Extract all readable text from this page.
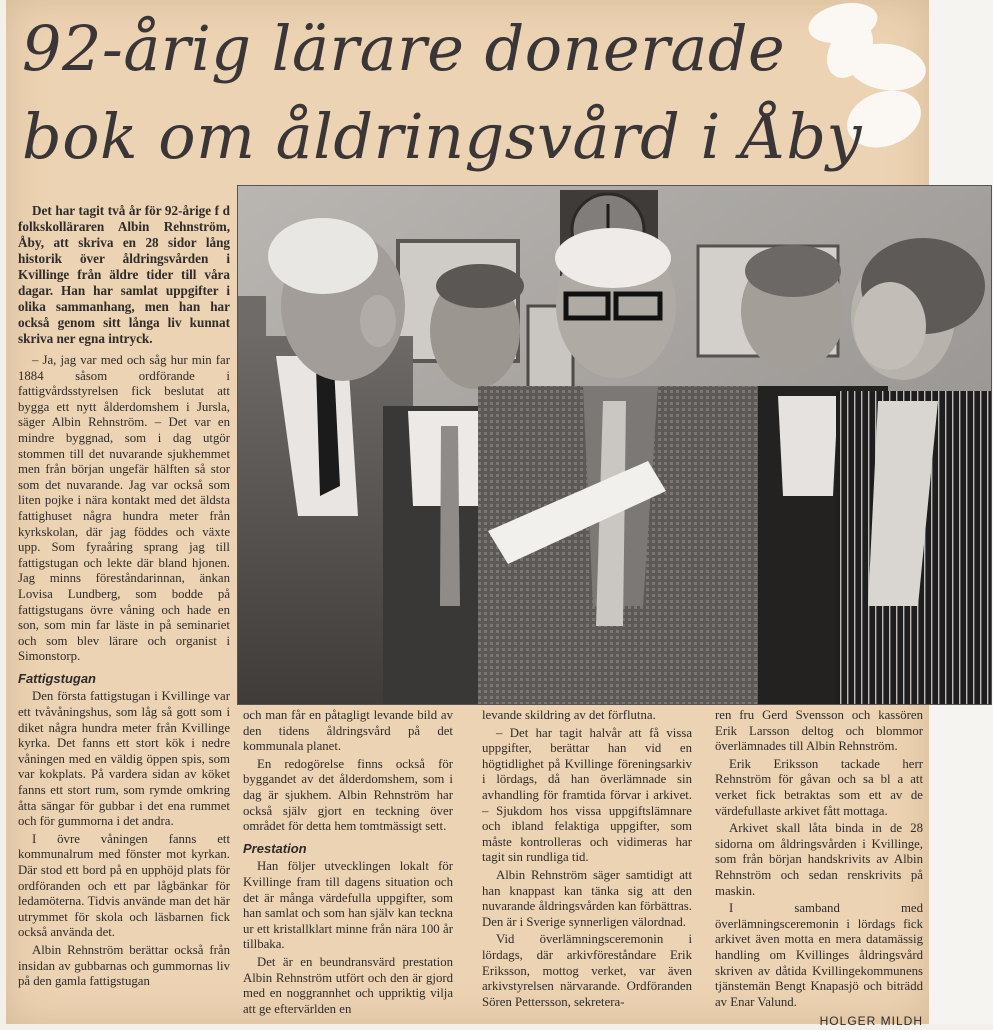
92-årig lärare donerade
bok om åldringsvård i Åby

Det har tagit två år för 92-årige f d folkskolläraren Albin Rehnström, Åby, att skriva en 28 sidor lång historik över åldringsvården i Kvillinge från äldre tider till våra dagar. Han har samlat uppgifter i olika sammanhang, men han har också genom sitt långa liv kunnat skriva ner egna intryck.

– Ja, jag var med och såg hur min far 1884 såsom ordförande i fattigvårdsstyrelsen fick beslutat att bygga ett nytt ålderdomshem i Jursla, säger Albin Rehnström. – Det var en mindre byggnad, som i dag utgör stommen till det nuvarande sjukhemmet men från början ungefär hälften så stor som det nuvarande. Jag var också som liten pojke i nära kontakt med det äldsta fattighuset några hundra meter från kyrkskolan, där jag föddes och växte upp. Som fyraåring sprang jag till fattigstugan och lekte där bland hjonen. Jag minns föreståndarinnan, änkan Lovisa Lundberg, som bodde på fattigstugans övre våning och hade en son, som min far läste in på seminariet och som blev lärare och organist i Simonstorp.

Fattigstugan

Den första fattigstugan i Kvillinge var ett tvåvåningshus, som låg så gott som i diket några hundra meter från Kvillinge kyrka. Det fanns ett stort kök i nedre våningen med en väldig öppen spis, som var kokplats. På vardera sidan av köket fanns ett stort rum, som rymde omkring åtta sängar för gubbar i det ena rummet och för gummorna i det andra.

I övre våningen fanns ett kommunalrum med fönster mot kyrkan. Där stod ett bord på en upphöjd plats för ordföranden och ett par lågbänkar för ledamöterna. Tidvis använde man det här utrymmet för skola och läsbarnen fick också använda det.

Albin Rehnström berättar också från insidan av gubbarnas och gummornas liv på den gamla fattigstugan

och man får en påtagligt levande bild av den tidens åldringsvård på det kommunala planet.

En redogörelse finns också för byggandet av det ålderdomshem, som i dag är sjukhem. Albin Rehnström har också själv gjort en teckning över området för detta hem tomtmässigt sett.

Prestation

Han följer utvecklingen lokalt för Kvillinge fram till dagens situation och det är många värdefulla uppgifter, som han samlat och som han själv kan teckna ur ett kristallklart minne från nära 100 år tillbaka.

Det är en beundransvärd prestation Albin Rehnström utfört och den är gjord med en noggrannhet och uppriktig vilja att ge eftervärlden en

levande skildring av det förflutna.

– Det har tagit halvår att få vissa uppgifter, berättar han vid en högtidlighet på Kvillinge föreningsarkiv i lördags, då han överlämnade sin avhandling för framtida förvar i arkivet. – Sjukdom hos vissa uppgiftslämnare och ibland felaktiga uppgifter, som måste kontrolleras och vidimeras har tagit sin rundliga tid.

Albin Rehnström säger samtidigt att han knappast kan tänka sig att den nuvarande åldringsvården kan förbättras. Den är i Sverige synnerligen välordnad.

Vid överlämningsceremonin i lördags, där arkivföreståndare Erik Eriksson, mottog verket, var även arkivstyrelsen närvarande. Ordföranden Sören Pettersson, sekretera-

ren fru Gerd Svensson och kassören Erik Larsson deltog och blommor överlämnades till Albin Rehnström.

Erik Eriksson tackade herr Rehnström för gåvan och sa bl a att verket fick betraktas som ett av de värdefullaste arkivet fått mottaga.

Arkivet skall låta binda in de 28 sidorna om åldringsvården i Kvillinge, som från början handskrivits av Albin Rehnström och sedan renskrivits på maskin.

I samband med överlämningsceremonin i lördags fick arkivet även motta en mera datamässig handling om Kvillinges åldringsvård skriven av dåtida Kvillingekommunens tjänstemän Bengt Knapasjö och biträdd av Enar Valund.

HOLGER MILDH
